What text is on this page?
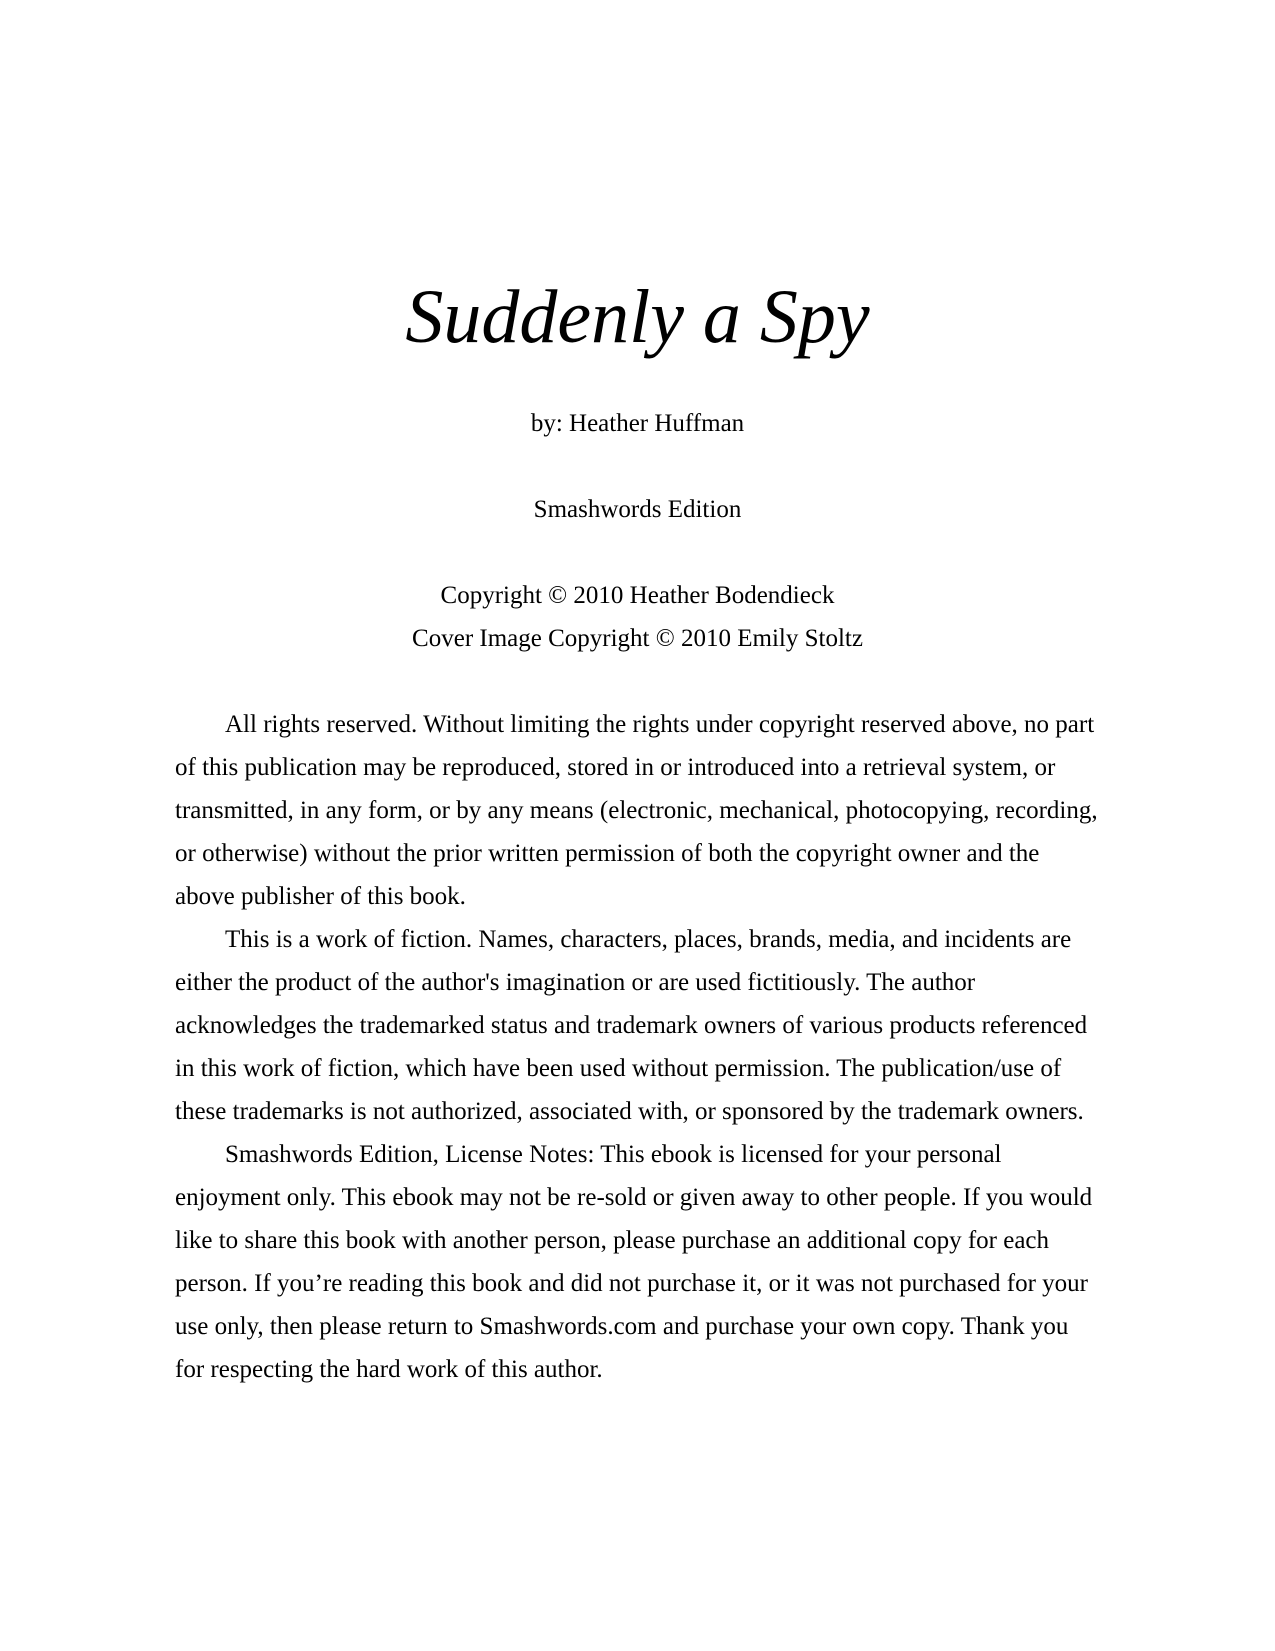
Suddenly a Spy
by: Heather Huffman
Smashwords Edition
Copyright © 2010 Heather Bodendieck
Cover Image Copyright © 2010 Emily Stoltz

All rights reserved. Without limiting the rights under copyright reserved above, no part of this publication may be reproduced, stored in or introduced into a retrieval system, or transmitted, in any form, or by any means (electronic, mechanical, photocopying, recording, or otherwise) without the prior written permission of both the copyright owner and the above publisher of this book.

This is a work of fiction. Names, characters, places, brands, media, and incidents are either the product of the author's imagination or are used fictitiously. The author acknowledges the trademarked status and trademark owners of various products referenced in this work of fiction, which have been used without permission. The publication/use of these trademarks is not authorized, associated with, or sponsored by the trademark owners.

Smashwords Edition, License Notes: This ebook is licensed for your personal enjoyment only. This ebook may not be re-sold or given away to other people. If you would like to share this book with another person, please purchase an additional copy for each person. If you’re reading this book and did not purchase it, or it was not purchased for your use only, then please return to Smashwords.com and purchase your own copy. Thank you for respecting the hard work of this author.
